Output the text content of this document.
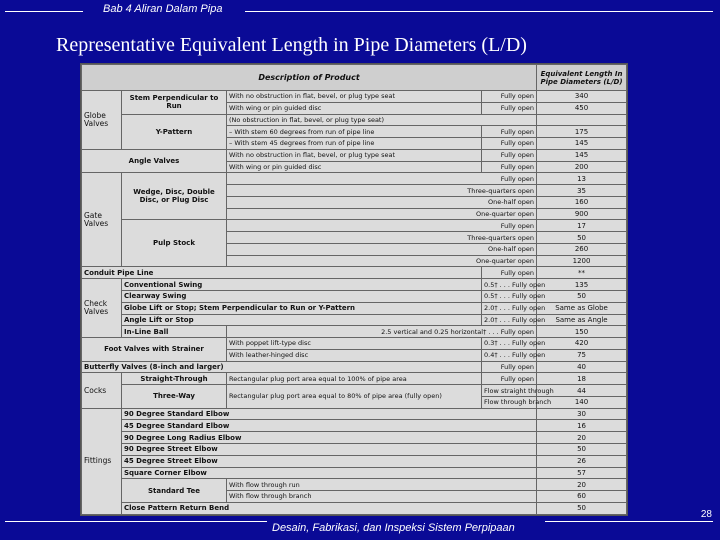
Bab 4 Aliran Dalam Pipa
Representative Equivalent Length in Pipe Diameters (L/D)
Description of Product				Equivalent Length In Pipe Diameters (L/D)
Globe Valves	Stem Perpendicular to Run	With no obstruction in flat, bevel, or plug type seat	Fully open	340
		With wing or pin guided disc	Fully open	450
	Y-Pattern	(No obstruction in flat, bevel, or plug type seat)		
		– With stem 60 degrees from run of pipe line	Fully open	175
		– With stem 45 degrees from run of pipe line	Fully open	145
Angle Valves		With no obstruction in flat, bevel, or plug type seat	Fully open	145
		With wing or pin guided disc	Fully open	200
Gate Valves	Wedge, Disc, Double Disc, or Plug Disc	Fully open		13
		Three-quarters open		35
		One-half open		160
		One-quarter open		900
	Pulp Stock	Fully open		17
		Three-quarters open		50
		One-half open		260
		One-quarter open		1200
Conduit Pipe Line			Fully open	**
Check Valves	Conventional Swing		0.5† . . . Fully open	135
	Clearway Swing		0.5† . . . Fully open	50
	Globe Lift or Stop; Stem Perpendicular to Run or Y-Pattern		2.0† . . . Fully open	Same as Globe
	Angle Lift or Stop		2.0† . . . Fully open	Same as Angle
	In-Line Ball	2.5 vertical and 0.25 horizontal† . . . Fully open		150
Foot Valves with Strainer		With poppet lift-type disc	0.3† . . . Fully open	420
		With leather-hinged disc	0.4† . . . Fully open	75
Butterfly Valves (8-inch and larger)			Fully open	40
Cocks	Straight-Through	Rectangular plug port area equal to 100% of pipe area	Fully open	18
	Three-Way	Rectangular plug port area equal to 80% of pipe area (fully open)	Flow straight through	44
			Flow through branch	140
Fittings	90 Degree Standard Elbow			30
	45 Degree Standard Elbow			16
	90 Degree Long Radius Elbow			20
	90 Degree Street Elbow			50
	45 Degree Street Elbow			26
	Square Corner Elbow			57
	Standard Tee	With flow through run		20
		With flow through branch		60
	Close Pattern Return Bend			50
28
Desain, Fabrikasi, dan Inspeksi Sistem Perpipaan
